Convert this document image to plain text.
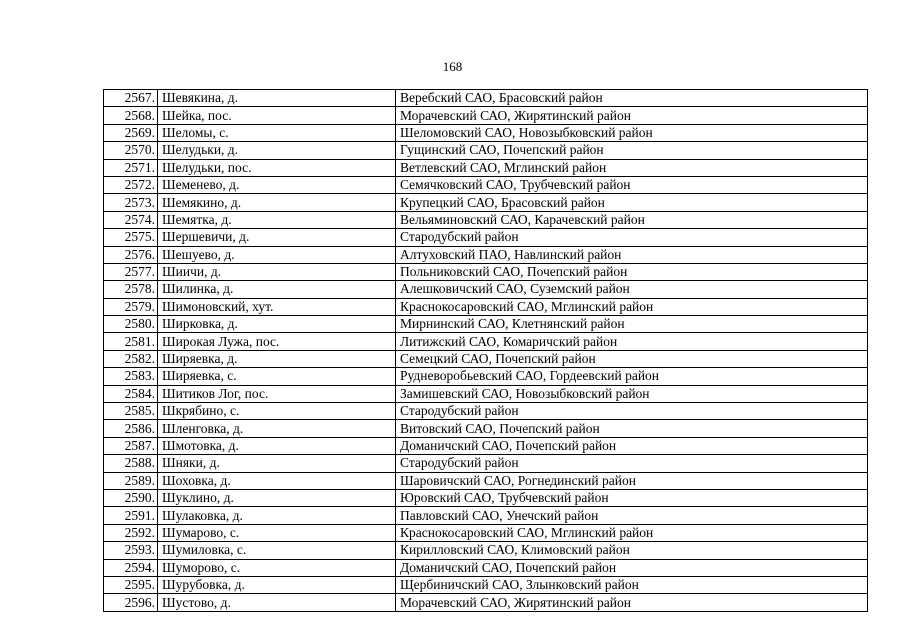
168
2567.	Шевякина, д.	Веребский САО, Брасовский район
2568.	Шейка, пос.	Морачевский САО, Жирятинский район
2569.	Шеломы, с.	Шеломовский САО, Новозыбковский район
2570.	Шелудьки, д.	Гущинский САО, Почепский район
2571.	Шелудьки, пос.	Ветлевский САО, Мглинский район
2572.	Шеменево, д.	Семячковский САО, Трубчевский район
2573.	Шемякино, д.	Крупецкий САО, Брасовский район
2574.	Шемятка, д.	Вельяминовский САО, Карачевский район
2575.	Шершевичи, д.	Стародубский район
2576.	Шешуево, д.	Алтуховский ПАО, Навлинский район
2577.	Шиичи, д.	Польниковский САО, Почепский район
2578.	Шилинка, д.	Алешковичский САО, Суземский район
2579.	Шимоновский, хут.	Краснокосаровский САО, Мглинский район
2580.	Ширковка, д.	Мирнинский САО, Клетнянский район
2581.	Широкая Лужа, пос.	Литижский САО, Комаричский район
2582.	Ширяевка, д.	Семецкий САО, Почепский район
2583.	Ширяевка, с.	Рудневоробьевский САО, Гордеевский район
2584.	Шитиков Лог, пос.	Замишевский САО, Новозыбковский район
2585.	Шкрябино, с.	Стародубский район
2586.	Шленговка, д.	Витовский САО, Почепский район
2587.	Шмотовка, д.	Доманичский САО, Почепский район
2588.	Шняки, д.	Стародубский район
2589.	Шоховка, д.	Шаровичский САО, Рогнединский район
2590.	Шуклино, д.	Юровский САО, Трубчевский район
2591.	Шулаковка, д.	Павловский САО, Унечский район
2592.	Шумарово, с.	Краснокосаровский САО, Мглинский район
2593.	Шумиловка, с.	Кирилловский САО, Климовский район
2594.	Шуморово, с.	Доманичский САО, Почепский район
2595.	Шурубовка, д.	Щербиничский САО, Злынковский район
2596.	Шустово, д.	Морачевский САО, Жирятинский район
